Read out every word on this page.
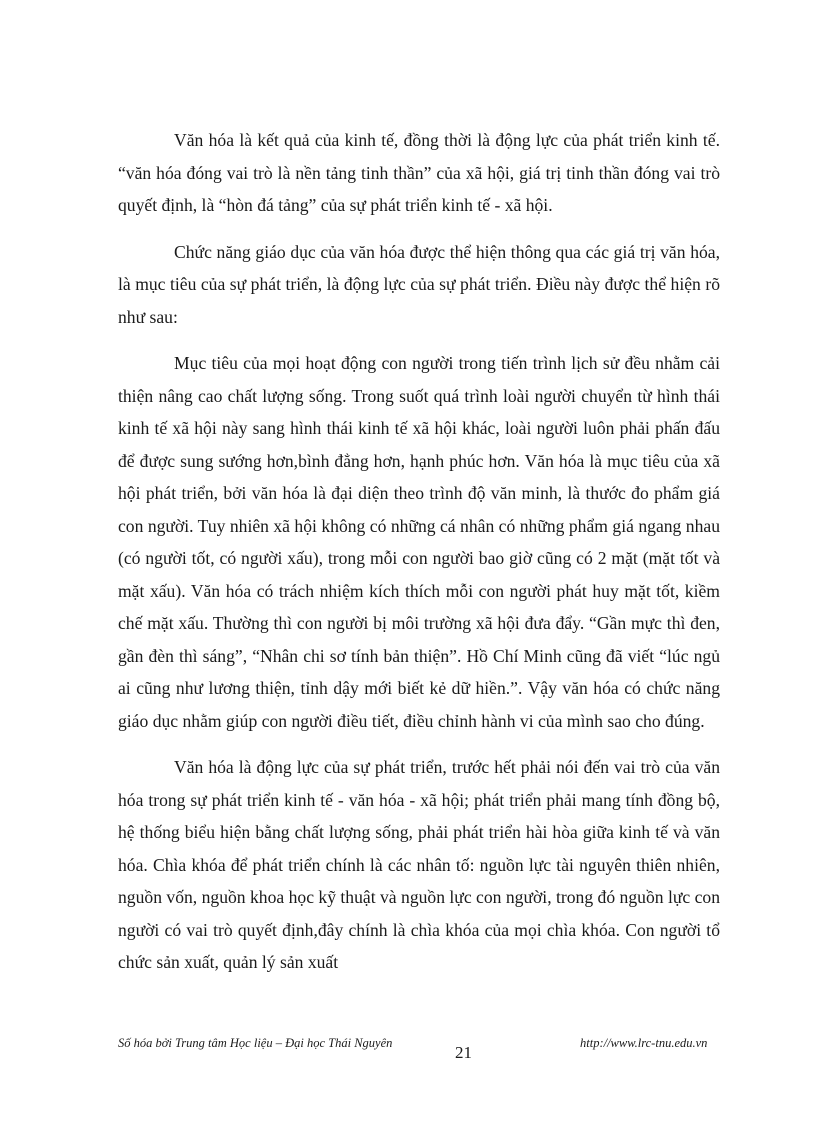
Văn hóa là kết quả của kinh tế, đồng thời là động lực của phát triển kinh tế. “văn hóa đóng vai trò là nền tảng tinh thần” của xã hội, giá trị tinh thần đóng vai trò quyết định, là “hòn đá tảng” của sự phát triển kinh tế - xã hội.

Chức năng giáo dục của văn hóa được thể hiện thông qua các giá trị văn hóa, là mục tiêu của sự phát triển, là động lực của sự phát triển. Điều này được thể hiện rõ như sau:

Mục tiêu của mọi hoạt động con người trong tiến trình lịch sử đều nhằm cải thiện nâng cao chất lượng sống. Trong suốt quá trình loài người chuyển từ hình thái kinh tế xã hội này sang hình thái kinh tế xã hội khác, loài người luôn phải phấn đấu để được sung sướng hơn,bình đẳng hơn, hạnh phúc hơn. Văn hóa là mục tiêu của xã hội phát triển, bởi văn hóa là đại diện theo trình độ văn minh, là thước đo phẩm giá con người. Tuy nhiên xã hội không có những cá nhân có những phẩm giá ngang nhau (có người tốt, có người xấu), trong mỗi con người bao giờ cũng có 2 mặt (mặt tốt và mặt xấu). Văn hóa có trách nhiệm kích thích mỗi con người phát huy mặt tốt, kiềm chế mặt xấu. Thường thì con người bị môi trường xã hội đưa đẩy. “Gần mực thì đen, gần đèn thì sáng”, “Nhân chi sơ tính bản thiện”. Hồ Chí Minh cũng đã viết “lúc ngủ ai cũng như lương thiện, tỉnh dậy mới biết kẻ dữ hiền.”. Vậy văn hóa có chức năng giáo dục nhằm giúp con người điều tiết, điều chỉnh hành vi của mình sao cho đúng.

Văn hóa là động lực của sự phát triển, trước hết phải nói đến vai trò của văn hóa trong sự phát triển kinh tế - văn hóa - xã hội; phát triển phải mang tính đồng bộ, hệ thống biểu hiện bằng chất lượng sống, phải phát triển hài hòa giữa kinh tế và văn hóa. Chìa khóa để phát triển chính là các nhân tố: nguồn lực tài nguyên thiên nhiên, nguồn vốn, nguồn khoa học kỹ thuật và nguồn lực con người, trong đó nguồn lực con người có vai trò quyết định,đây chính là chìa khóa của mọi chìa khóa. Con người tổ chức sản xuất, quản lý sản xuất

Số hóa bởi Trung tâm Học liệu – Đại học Thái Nguyên	21	http://www.lrc-tnu.edu.vn
